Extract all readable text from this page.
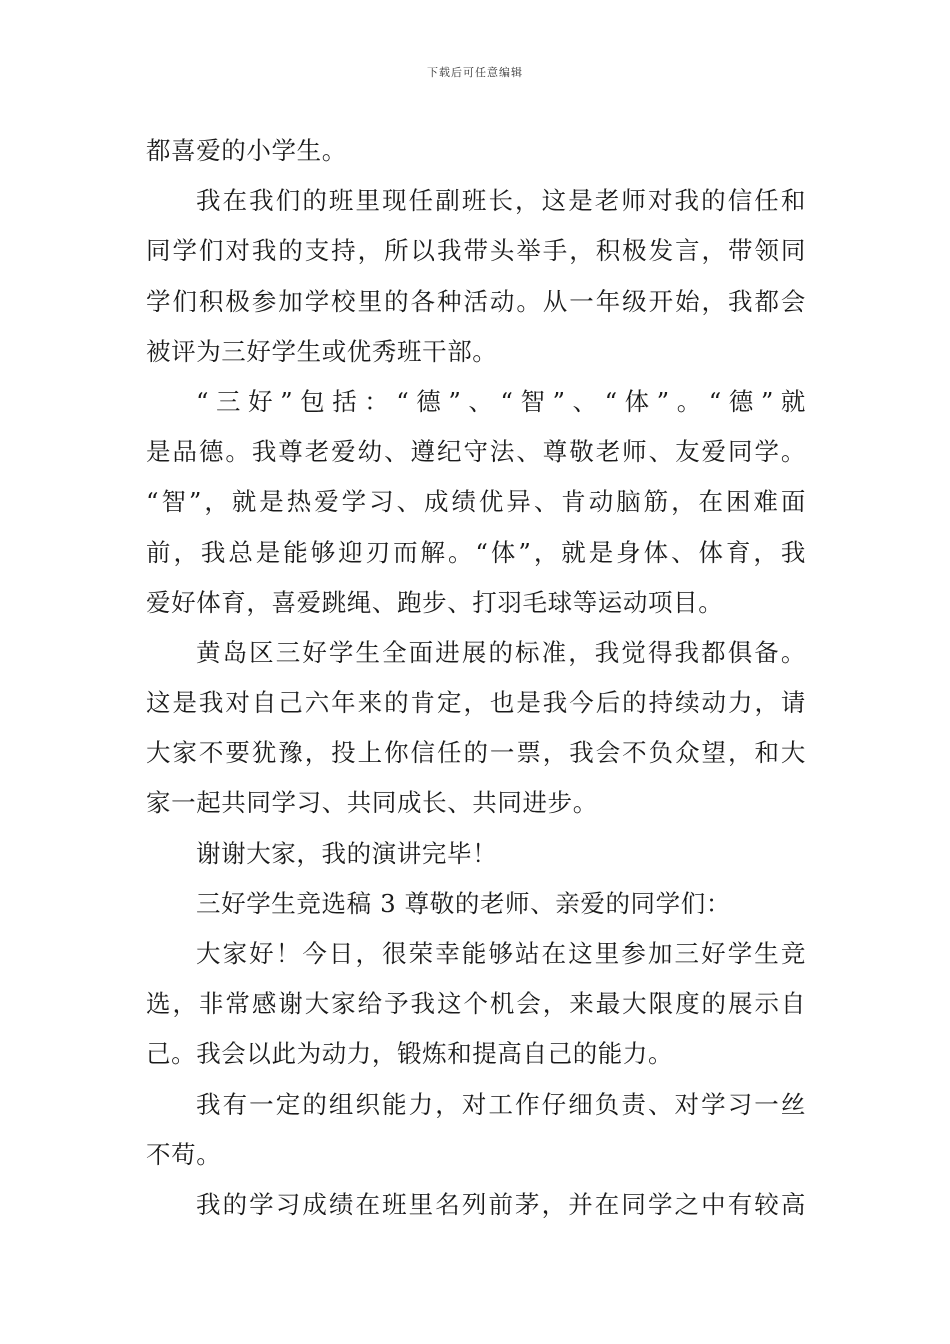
下载后可任意编辑
都喜爱的小学生。
我在我们的班里现任副班长，这是老师对我的信任和
同学们对我的支持，所以我带头举手，积极发言，带领同
学们积极参加学校里的各种活动。从一年级开始，我都会
被评为三好学生或优秀班干部。
“三好”包括：“德”、“智”、“体”。“德”就
是品德。我尊老爱幼、遵纪守法、尊敬老师、友爱同学。
“智”，就是热爱学习、成绩优异、肯动脑筋，在困难面
前，我总是能够迎刃而解。“体”，就是身体、体育，我
爱好体育，喜爱跳绳、跑步、打羽毛球等运动项目。
黄岛区三好学生全面进展的标准，我觉得我都俱备。
这是我对自己六年来的肯定，也是我今后的持续动力，请
大家不要犹豫，投上你信任的一票，我会不负众望，和大
家一起共同学习、共同成长、共同进步。
谢谢大家，我的演讲完毕！
三好学生竞选稿 3 尊敬的老师、亲爱的同学们：
大家好！今日，很荣幸能够站在这里参加三好学生竞
选，非常感谢大家给予我这个机会，来最大限度的展示自
己。我会以此为动力，锻炼和提高自己的能力。
我有一定的组织能力，对工作仔细负责、对学习一丝
不苟。
我的学习成绩在班里名列前茅，并在同学之中有较高
